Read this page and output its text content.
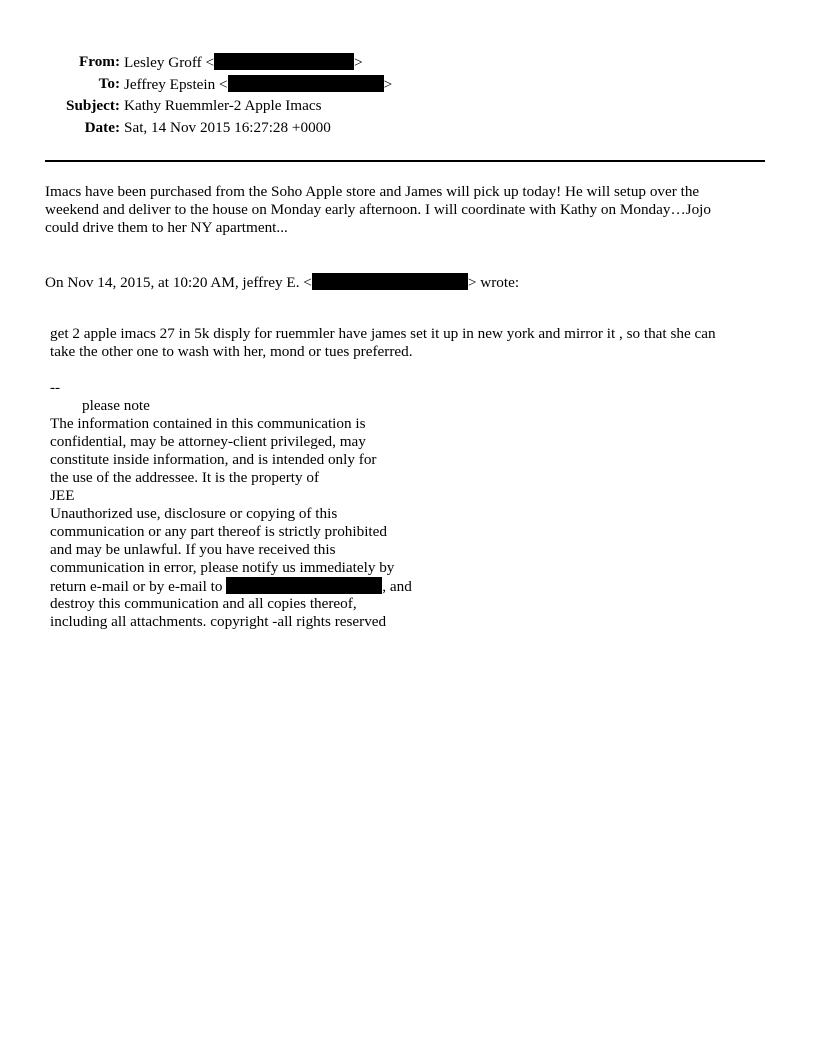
From: Lesley Groff <	>
To: Jeffrey Epstein <	>
Subject: Kathy Ruemmler-2 Apple Imacs
Date: Sat, 14 Nov 2015 16:27:28 +0000
Imacs have been purchased from the Soho Apple store and James will pick up today! He will setup over the
weekend and deliver to the house on Monday early afternoon. I will coordinate with Kathy on Monday…Jojo
could drive them to her NY apartment...
On Nov 14, 2015, at 10:20 AM, jeffrey E. <	> wrote:
get 2 apple imacs 27 in 5k disply for ruemmler have james set it up in new york and mirror it , so that she can
take the other one to wash with her, mond or tues preferred.
--
please note
The information contained in this communication is
confidential, may be attorney-client privileged, may
constitute inside information, and is intended only for
the use of the addressee. It is the property of
JEE
Unauthorized use, disclosure or copying of this
communication or any part thereof is strictly prohibited
and may be unlawful. If you have received this
communication in error, please notify us immediately by
return e-mail or by e-mail to	, and
destroy this communication and all copies thereof,
including all attachments. copyright -all rights reserved
